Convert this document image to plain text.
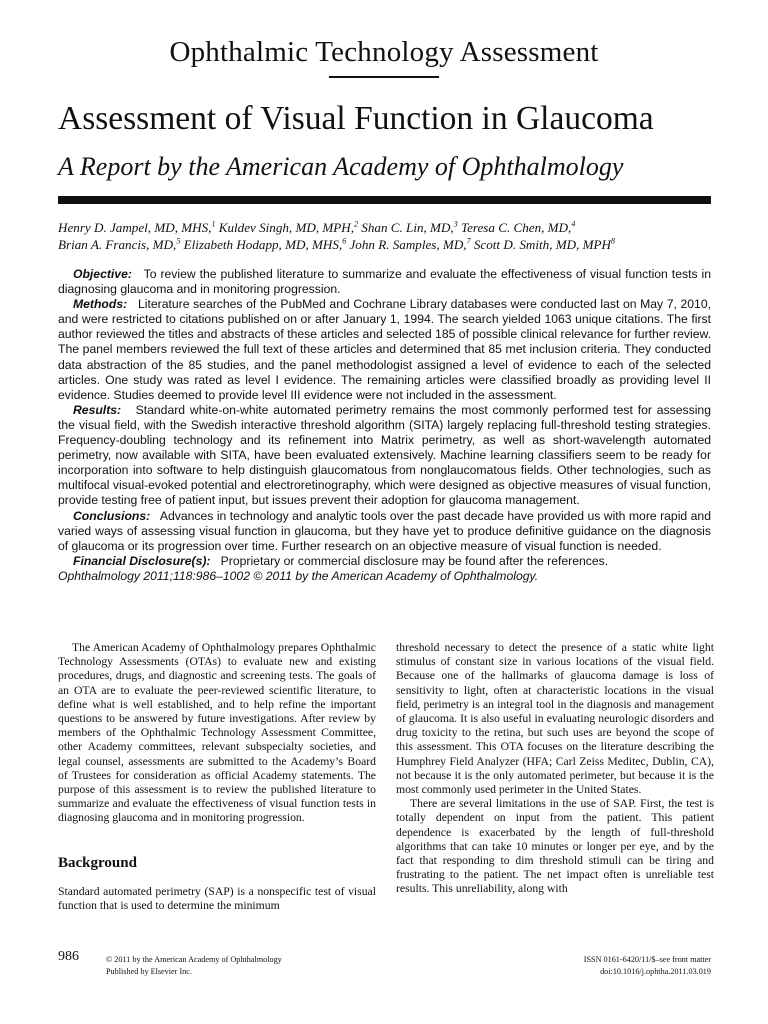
Ophthalmic Technology Assessment
Assessment of Visual Function in Glaucoma
A Report by the American Academy of Ophthalmology
Henry D. Jampel, MD, MHS,$^1$ Kuldev Singh, MD, MPH,$^2$ Shan C. Lin, MD,$^3$ Teresa C. Chen, MD,$^4$
Brian A. Francis, MD,$^5$ Elizabeth Hodapp, MD, MHS,$^6$ John R. Samples, MD,$^7$ Scott D. Smith, MD, MPH$^8$

Objective: To review the published literature to summarize and evaluate the effectiveness of visual function tests in diagnosing glaucoma and in monitoring progression.

Methods: Literature searches of the PubMed and Cochrane Library databases were conducted last on May 7, 2010, and were restricted to citations published on or after January 1, 1994. The search yielded 1063 unique citations. The first author reviewed the titles and abstracts of these articles and selected 185 of possible clinical relevance for further review. The panel members reviewed the full text of these articles and determined that 85 met inclusion criteria. They conducted data abstraction of the 85 studies, and the panel methodologist assigned a level of evidence to each of the selected articles. One study was rated as level I evidence. The remaining articles were classified broadly as providing level II evidence. Studies deemed to provide level III evidence were not included in the assessment.

Results: Standard white-on-white automated perimetry remains the most commonly performed test for assessing the visual field, with the Swedish interactive threshold algorithm (SITA) largely replacing full-threshold testing strategies. Frequency-doubling technology and its refinement into Matrix perimetry, as well as short-wavelength automated perimetry, now available with SITA, have been evaluated extensively. Machine learning classifiers seem to be ready for incorporation into software to help distinguish glaucomatous from nonglaucomatous fields. Other technologies, such as multifocal visual-evoked potential and electroretinography, which were designed as objective measures of visual function, provide testing free of patient input, but issues prevent their adoption for glaucoma management.

Conclusions: Advances in technology and analytic tools over the past decade have provided us with more rapid and varied ways of assessing visual function in glaucoma, but they have yet to produce definitive guidance on the diagnosis of glaucoma or its progression over time. Further research on an objective measure of visual function is needed.

Financial Disclosure(s): Proprietary or commercial disclosure may be found after the references.

Ophthalmology 2011;118:986–1002 © 2011 by the American Academy of Ophthalmology.

The American Academy of Ophthalmology prepares Ophthalmic Technology Assessments (OTAs) to evaluate new and existing procedures, drugs, and diagnostic and screening tests. The goals of an OTA are to evaluate the peer-reviewed scientific literature, to define what is well established, and to help refine the important questions to be answered by future investigations. After review by members of the Ophthalmic Technology Assessment Committee, other Academy committees, relevant subspecialty societies, and legal counsel, assessments are submitted to the Academy’s Board of Trustees for consideration as official Academy statements. The purpose of this assessment is to review the published literature to summarize and evaluate the effectiveness of visual function tests in diagnosing glaucoma and in monitoring progression.

Background

Standard automated perimetry (SAP) is a nonspecific test of visual function that is used to determine the minimum

threshold necessary to detect the presence of a static white light stimulus of constant size in various locations of the visual field. Because one of the hallmarks of glaucoma damage is loss of sensitivity to light, often at characteristic locations in the visual field, perimetry is an integral tool in the diagnosis and management of glaucoma. It is also useful in evaluating neurologic disorders and drug toxicity to the retina, but such uses are beyond the scope of this assessment. This OTA focuses on the literature describing the Humphrey Field Analyzer (HFA; Carl Zeiss Meditec, Dublin, CA), not because it is the only automated perimeter, but because it is the most commonly used perimeter in the United States.

There are several limitations in the use of SAP. First, the test is totally dependent on input from the patient. This patient dependence is exacerbated by the length of full-threshold algorithms that can take 10 minutes or longer per eye, and by the fact that responding to dim threshold stimuli can be tiring and frustrating to the patient. The net impact often is unreliable test results. This unreliability, along with

986	© 2011 by the American Academy of Ophthalmology
Published by Elsevier Inc.
ISSN 0161-6420/11/$–see front matter
doi:10.1016/j.ophtha.2011.03.019
